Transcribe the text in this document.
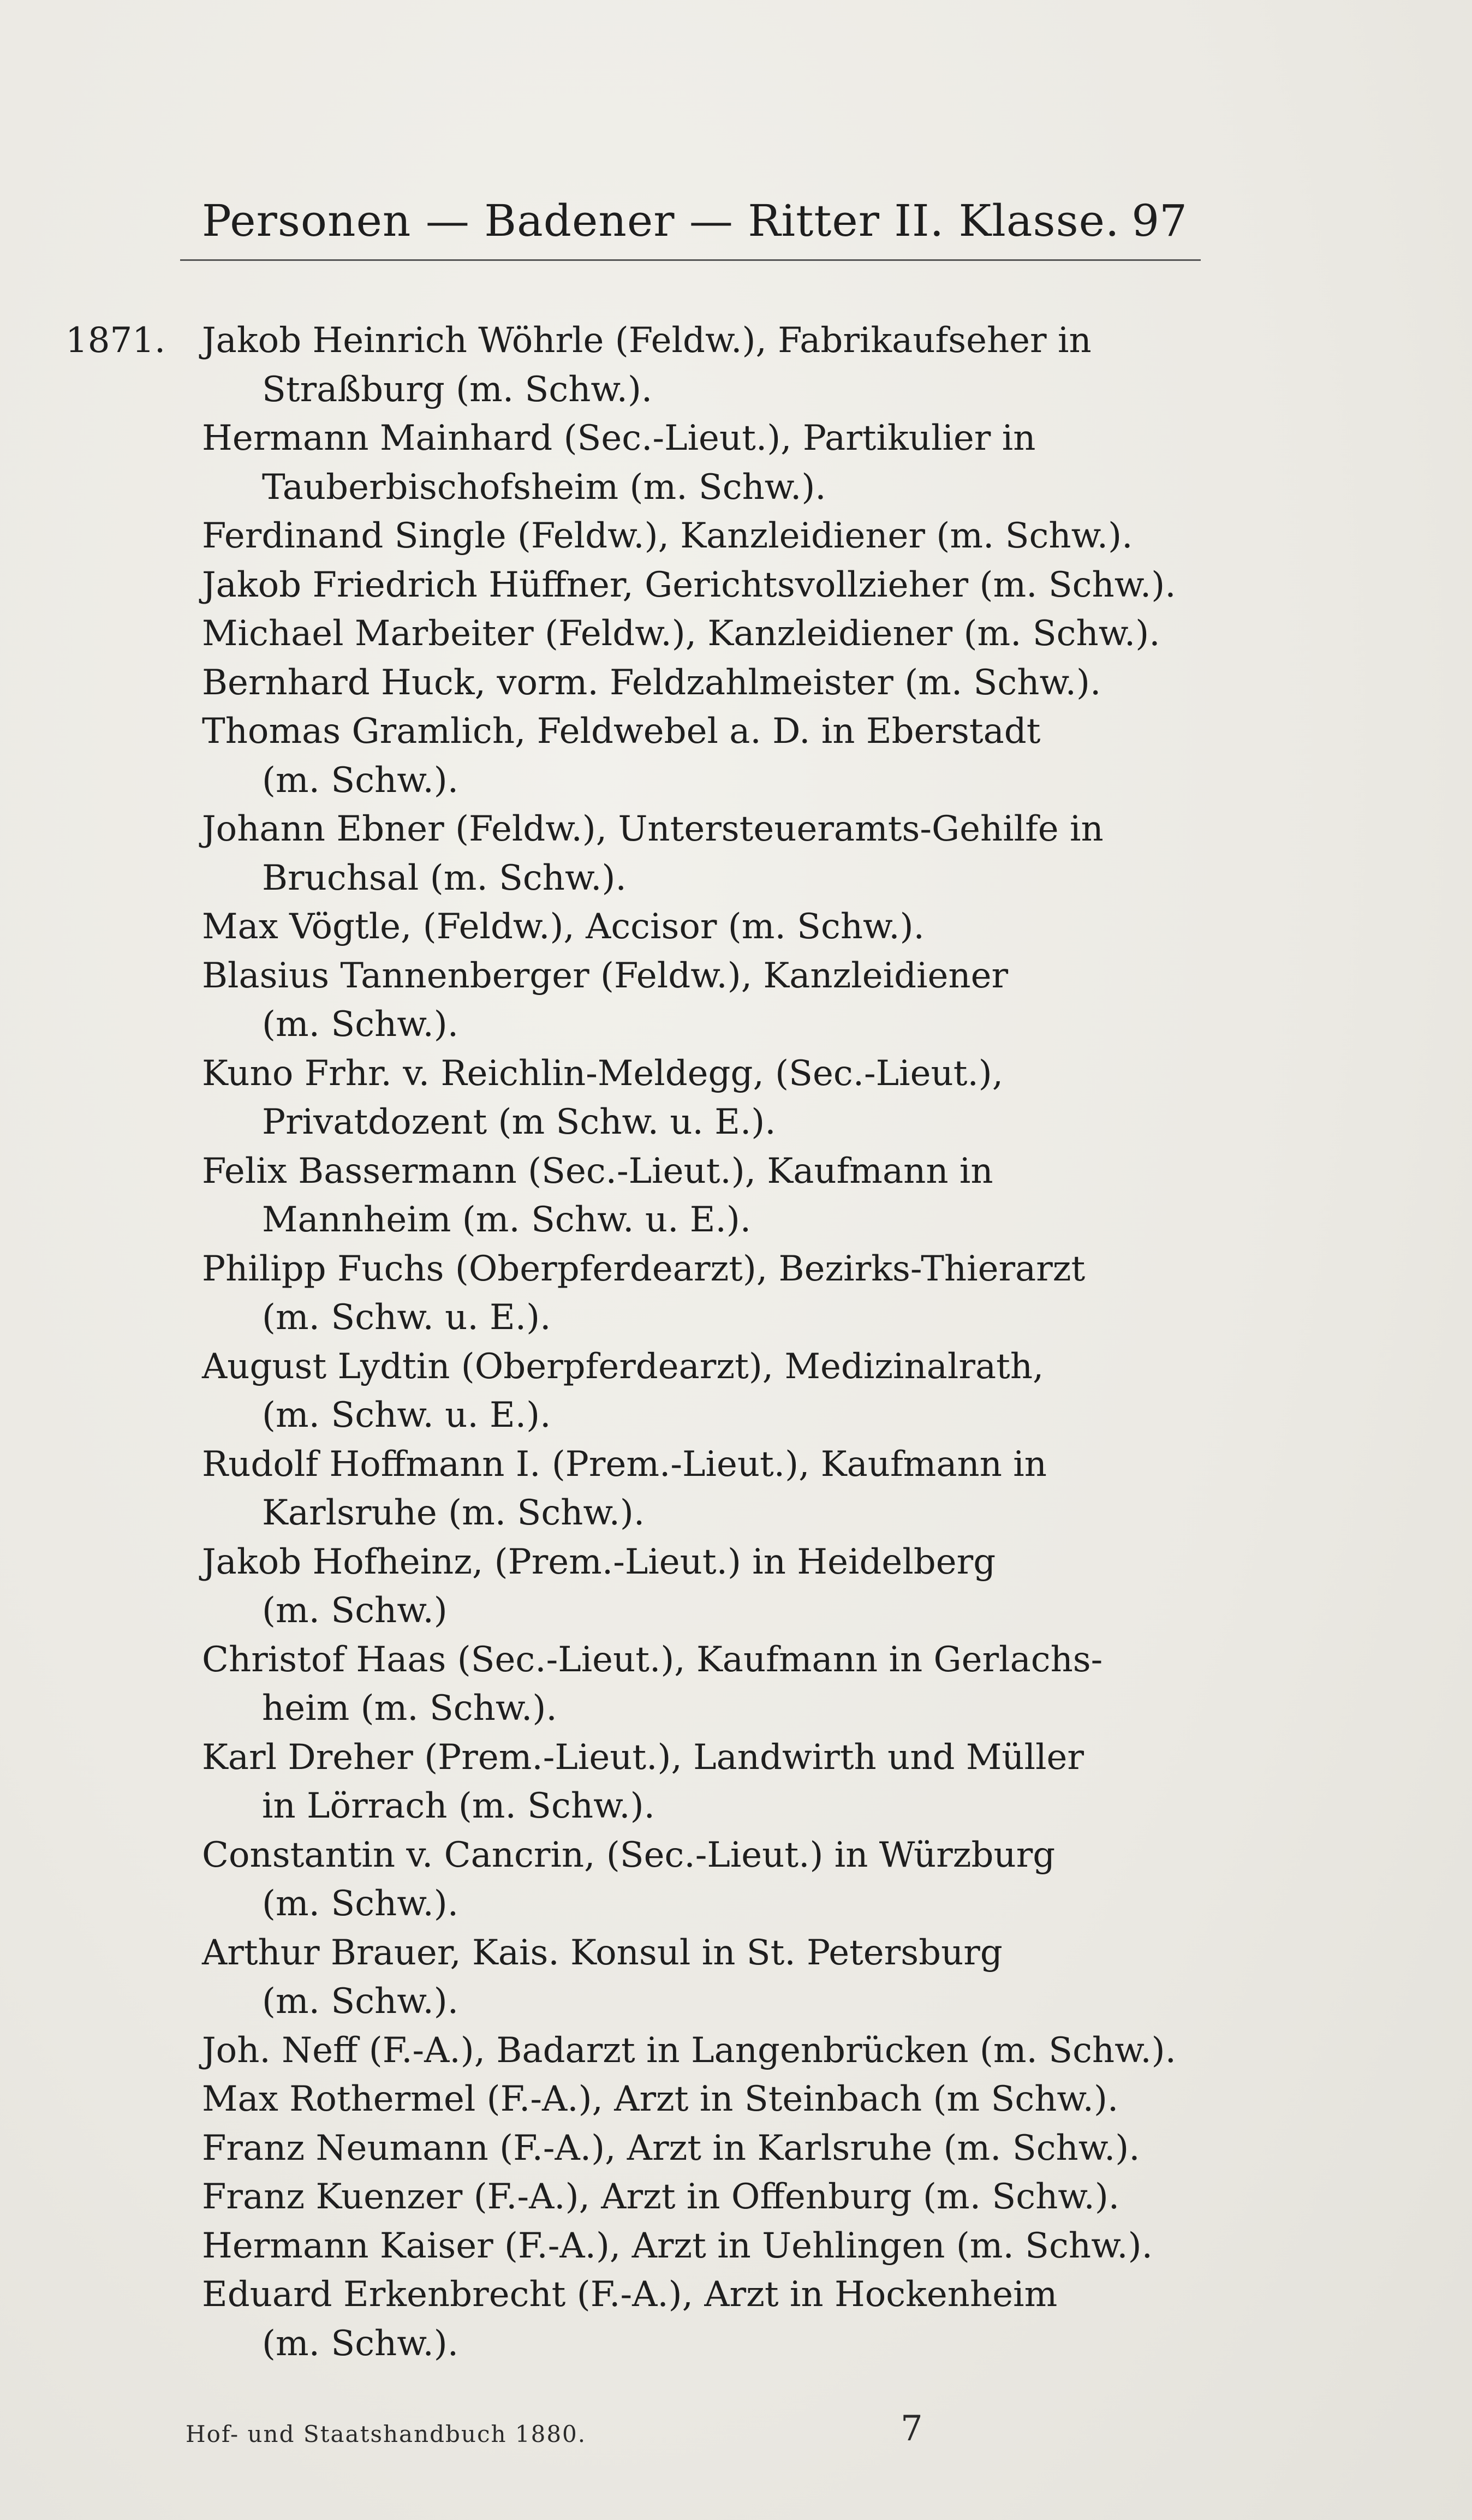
Personen — Badener — Ritter II. Klasse. 97
1871. Jakob Heinrich Wöhrle (Feldw.), Fabrikaufseher in
Straßburg (m. Schw.).
Hermann Mainhard (Sec.-Lieut.), Partikulier in
Tauberbischofsheim (m. Schw.).
Ferdinand Single (Feldw.), Kanzleidiener (m. Schw.).
Jakob Friedrich Hüffner, Gerichtsvollzieher (m. Schw.).
Michael Marbeiter (Feldw.), Kanzleidiener (m. Schw.).
Bernhard Huck, vorm. Feldzahlmeister (m. Schw.).
Thomas Gramlich, Feldwebel a. D. in Eberstadt
(m. Schw.).
Johann Ebner (Feldw.), Untersteueramts-Gehilfe in
Bruchsal (m. Schw.).
Max Vögtle, (Feldw.), Accisor (m. Schw.).
Blasius Tannenberger (Feldw.), Kanzleidiener
(m. Schw.).
Kuno Frhr. v. Reichlin-Meldegg, (Sec.-Lieut.),
Privatdozent (m Schw. u. E.).
Felix Bassermann (Sec.-Lieut.), Kaufmann in
Mannheim (m. Schw. u. E.).
Philipp Fuchs (Oberpferdearzt), Bezirks-Thierarzt
(m. Schw. u. E.).
August Lydtin (Oberpferdearzt), Medizinalrath,
(m. Schw. u. E.).
Rudolf Hoffmann I. (Prem.-Lieut.), Kaufmann in
Karlsruhe (m. Schw.).
Jakob Hofheinz, (Prem.-Lieut.) in Heidelberg
(m. Schw.)
Christof Haas (Sec.-Lieut.), Kaufmann in Gerlachs-
heim (m. Schw.).
Karl Dreher (Prem.-Lieut.), Landwirth und Müller
in Lörrach (m. Schw.).
Constantin v. Cancrin, (Sec.-Lieut.) in Würzburg
(m. Schw.).
Arthur Brauer, Kais. Konsul in St. Petersburg
(m. Schw.).
Joh. Neff (F.-A.), Badarzt in Langenbrücken (m. Schw.).
Max Rothermel (F.-A.), Arzt in Steinbach (m Schw.).
Franz Neumann (F.-A.), Arzt in Karlsruhe (m. Schw.).
Franz Kuenzer (F.-A.), Arzt in Offenburg (m. Schw.).
Hermann Kaiser (F.-A.), Arzt in Uehlingen (m. Schw.).
Eduard Erkenbrecht (F.-A.), Arzt in Hockenheim
(m. Schw.).
Hof- und Staatshandbuch 1880.	7
